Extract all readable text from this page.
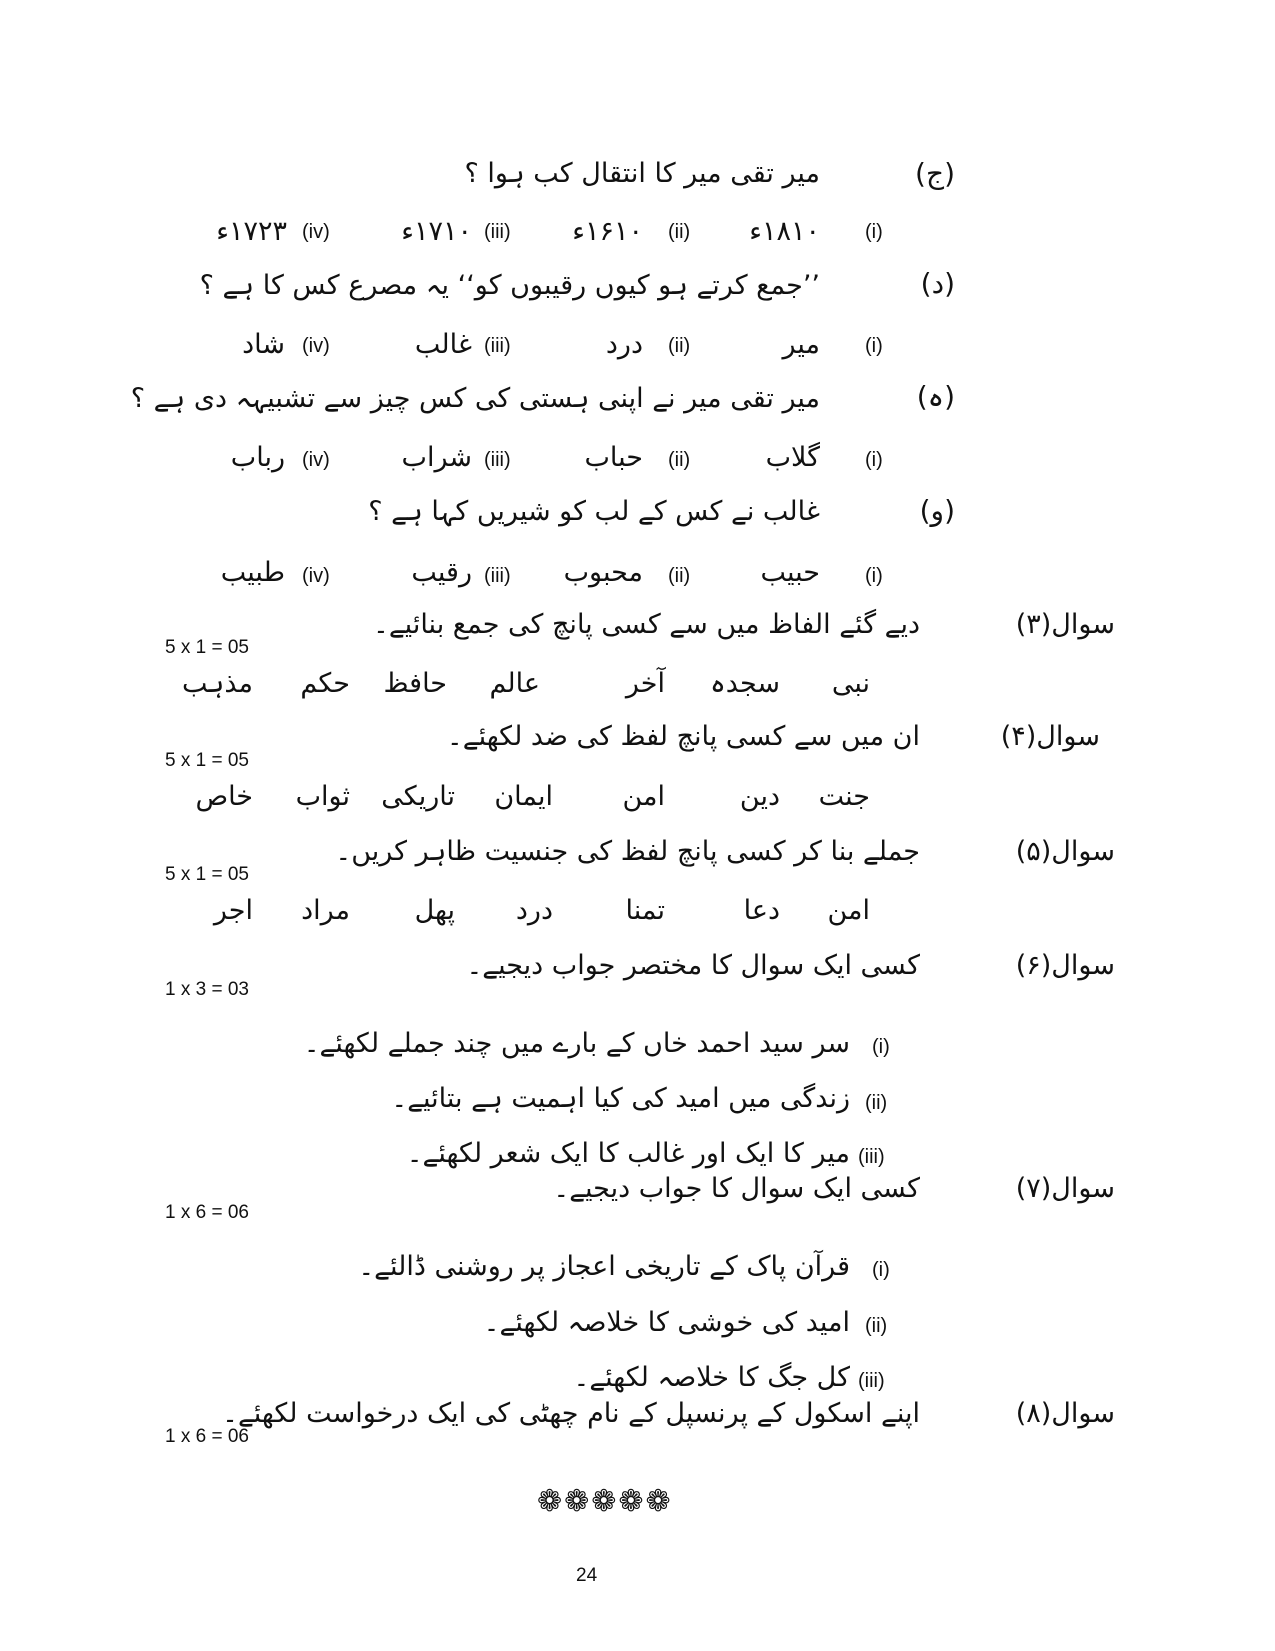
(ج)
میر تقی میر کا انتقال کب ہوا ؟
(i)
۱۸۱۰ء
(ii)
۱۶۱۰ء
(iii)
۱۷۱۰ء
(iv)
۱۷۲۳ء
(د)
’’جمع کرتے ہو کیوں رقیبوں کو‘‘ یہ مصرع کس کا ہے ؟
(i)
میر
(ii)
درد
(iii)
غالب
(iv)
شاد
(ہ)
میر تقی میر نے اپنی ہستی کی کس چیز سے تشبیہہ دی ہے ؟
(i)
گلاب
(ii)
حباب
(iii)
شراب
(iv)
رباب
(و)
غالب نے کس کے لب کو شیریں کہا ہے ؟
(i)
حبیب
(ii)
محبوب
(iii)
رقیب
(iv)
طبیب
سوال(۳)
دیے گئے الفاظ میں سے کسی پانچ کی جمع بنائیے۔
5 x 1 = 05
نبی
سجدہ
آخر
عالم
حافظ
حکم
مذہب
سوال(۴)
ان میں سے کسی پانچ لفظ کی ضد لکھئے۔
5 x 1 = 05
جنت
دین
امن
ایمان
تاریکی
ثواب
خاص
سوال(۵)
جملے بنا کر کسی پانچ لفظ کی جنسیت ظاہر کریں۔
5 x 1 = 05
امن
دعا
تمنا
درد
پھل
مراد
اجر
سوال(۶)
کسی ایک سوال کا مختصر جواب دیجیے۔
1 x 3 = 03
(i)
سر سید احمد خاں کے بارے میں چند جملے لکھئے۔
(ii)
زندگی میں امید کی کیا اہمیت ہے بتائیے۔
(iii)
میر کا ایک اور غالب کا ایک شعر لکھئے۔
سوال(۷)
کسی ایک سوال کا جواب دیجیے۔
1 x 6 = 06
(i)
قرآن پاک کے تاریخی اعجاز پر روشنی ڈالئے۔
(ii)
امید کی خوشی کا خلاصہ لکھئے۔
(iii)
کل جگ کا خلاصہ لکھئے۔
سوال(۸)
اپنے اسکول کے پرنسپل کے نام چھٹی کی ایک درخواست لکھئے۔
1 x 6 = 06
❁❁❁❁❁
24
